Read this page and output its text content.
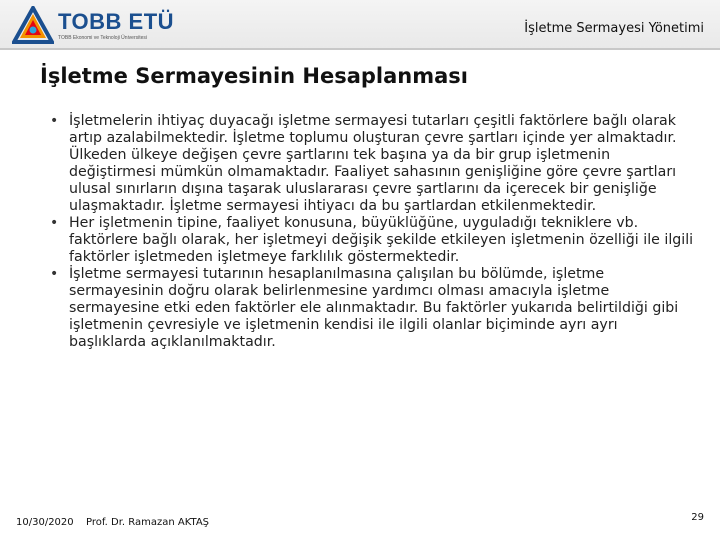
TOBB ETÜ
TOBB Ekonomi ve Teknoloji Üniversitesi
İşletme Sermayesi Yönetimi
İşletme Sermayesinin Hesaplanması
• İşletmelerin ihtiyaç duyacağı işletme sermayesi tutarları çeşitli faktörlere bağlı olarak artıp azalabilmektedir. İşletme toplumu oluşturan çevre şartları içinde yer almaktadır. Ülkeden ülkeye değişen çevre şartlarını tek başına ya da bir grup işletmenin değiştirmesi mümkün olmamaktadır. Faaliyet sahasının genişliğine göre çevre şartları ulusal sınırların dışına taşarak uluslararası çevre şartlarını da içerecek bir genişliğe ulaşmaktadır. İşletme sermayesi ihtiyacı da bu şartlardan etkilenmektedir.
• Her işletmenin tipine, faaliyet konusuna, büyüklüğüne, uyguladığı tekniklere vb. faktörlere bağlı olarak, her işletmeyi değişik şekilde etkileyen işletmenin özelliği ile ilgili faktörler işletmeden işletmeye farklılık göstermektedir.
• İşletme sermayesi tutarının hesaplanılmasına çalışılan bu bölümde, işletme sermayesinin doğru olarak belirlenmesine yardımcı olması amacıyla işletme sermayesine etki eden faktörler ele alınmaktadır. Bu faktörler yukarıda belirtildiği gibi işletmenin çevresiyle ve işletmenin kendisi ile ilgili olanlar biçiminde ayrı ayrı başlıklarda açıklanılmaktadır.
10/30/2020 Prof. Dr. Ramazan AKTAŞ	29
